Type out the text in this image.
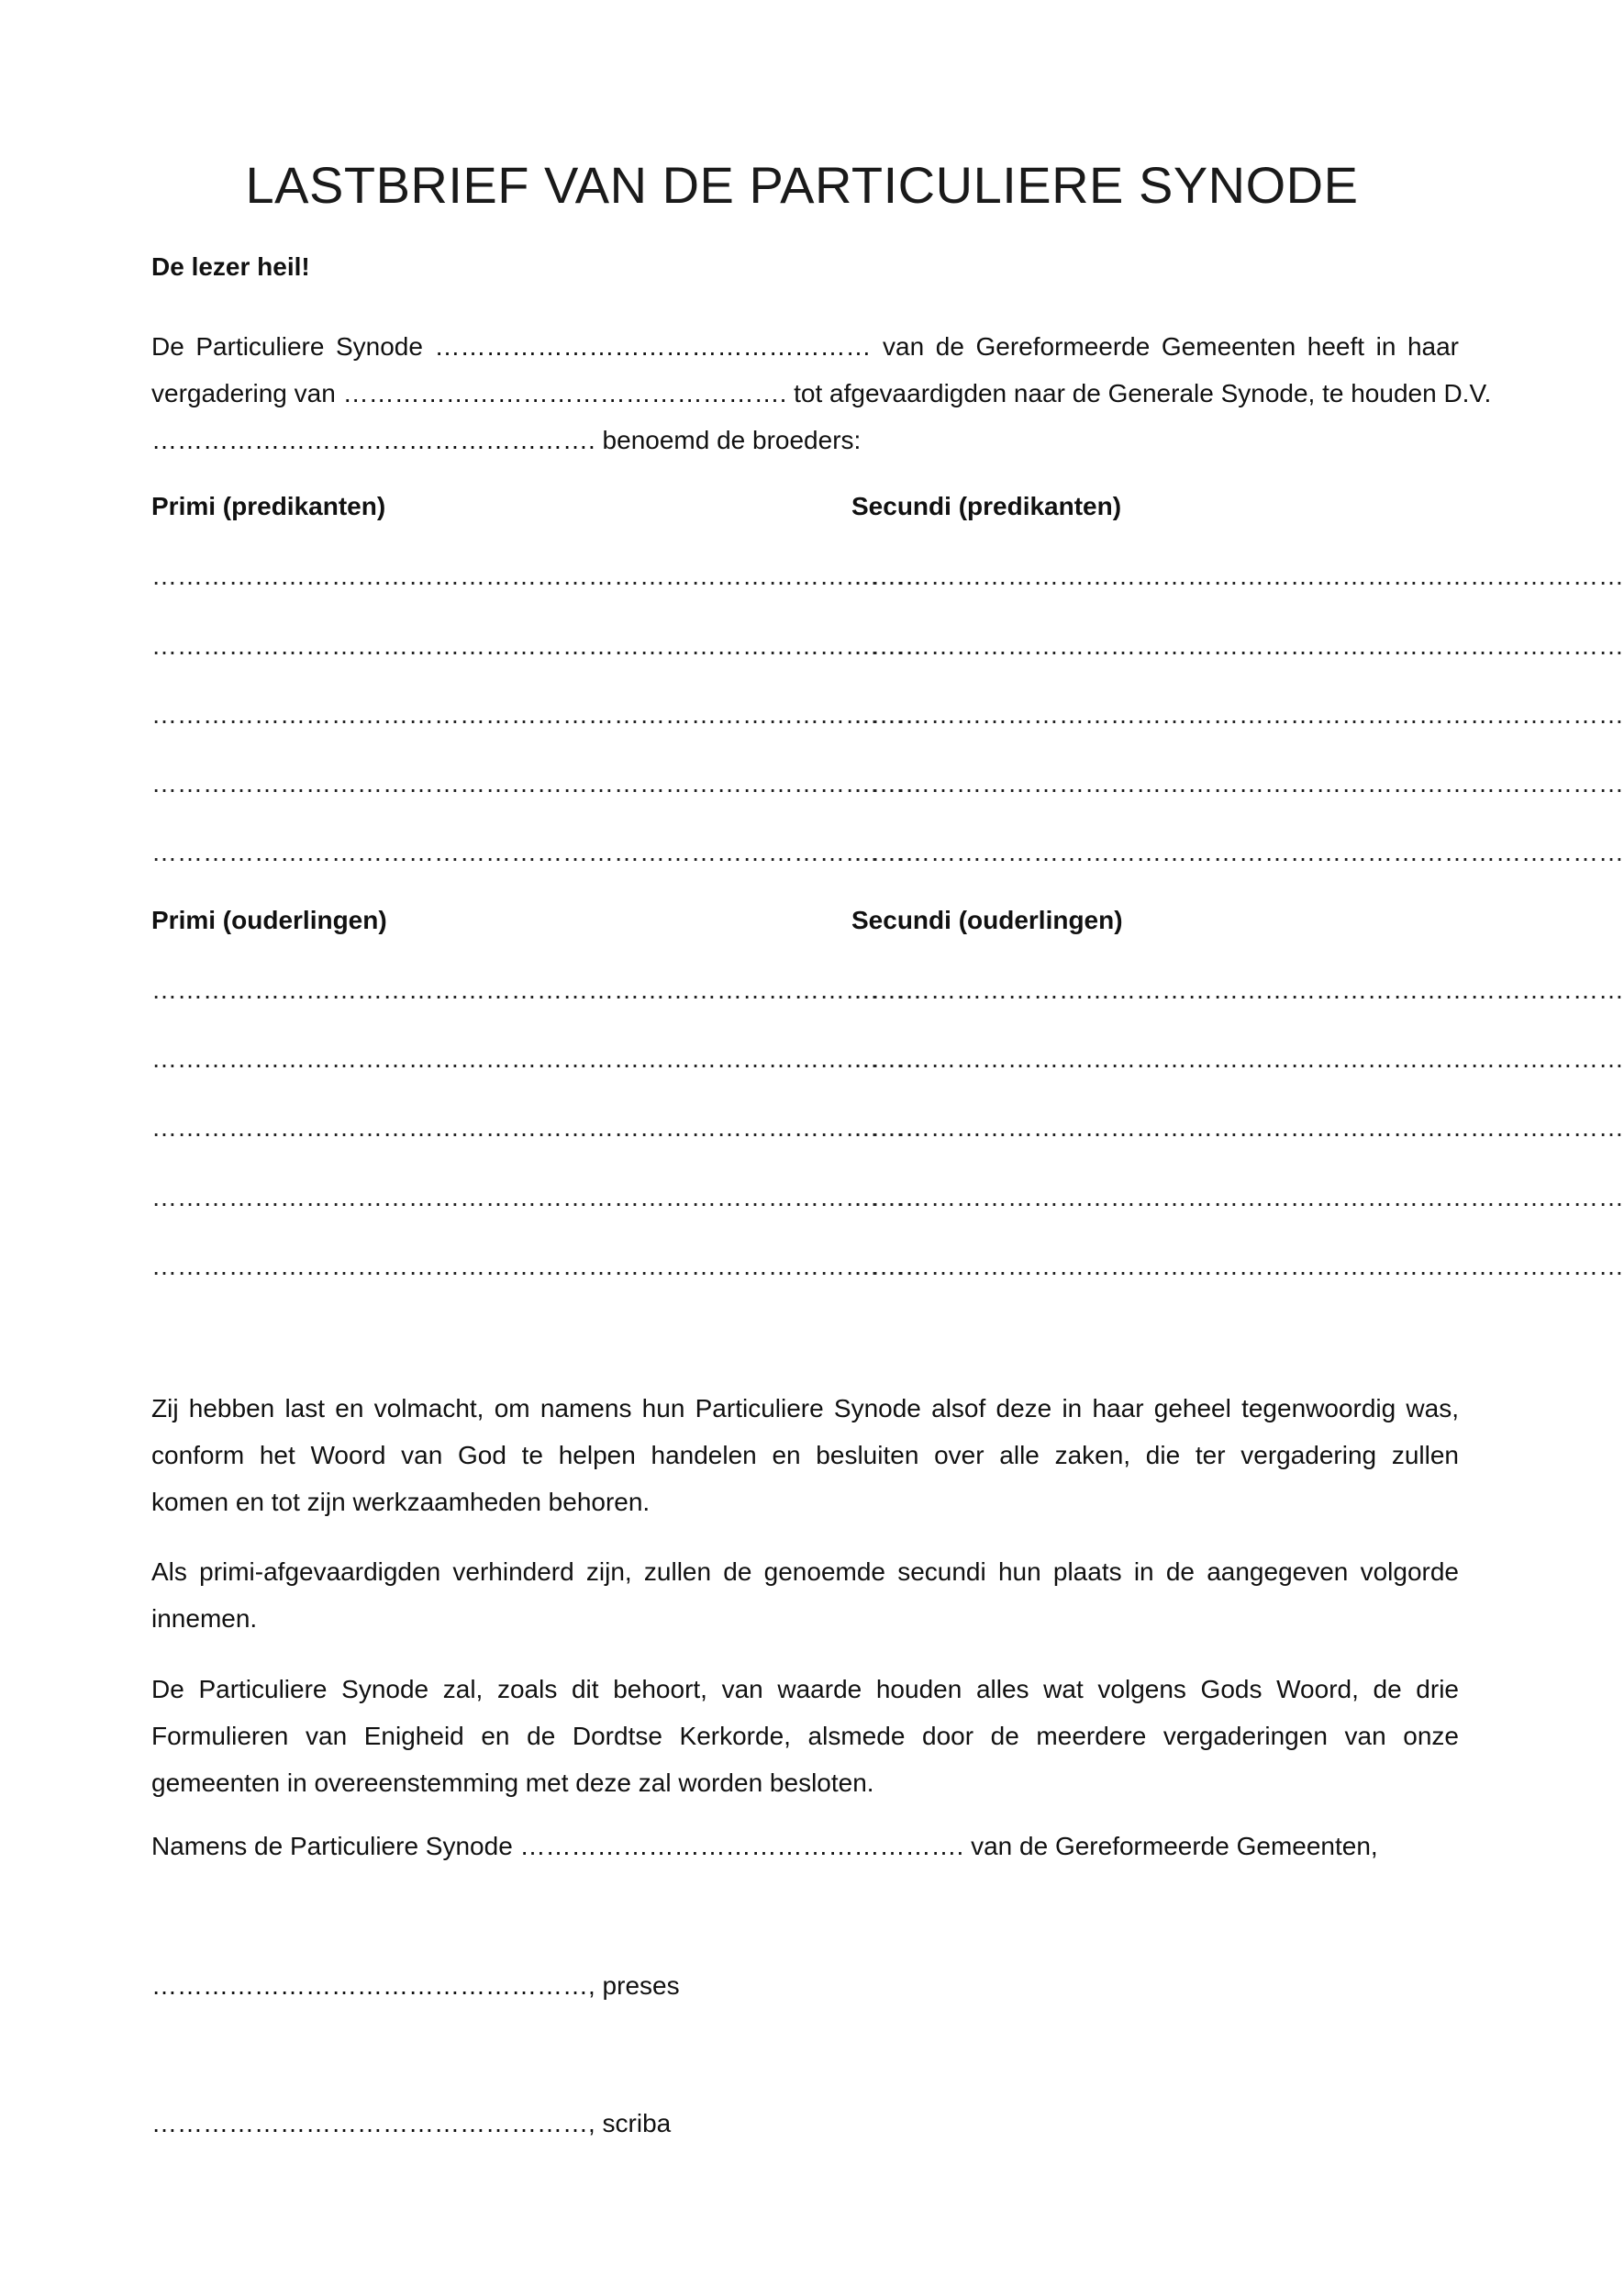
LASTBRIEF VAN DE PARTICULIERE SYNODE
De lezer heil!
De Particuliere Synode …………………………………………… van de Gereformeerde Gemeenten heeft in haar
vergadering van ……………………………………………. tot afgevaardigden naar de Generale Synode, te houden D.V.
……………………………………………. benoemd de broeders:
Primi (predikanten)	Secundi (predikanten)
………………………………………………………………………………
………………………………………………………………………………
………………………………………………………………………………
………………………………………………………………………………
………………………………………………………………………………
………………………………………………………………………………
………………………………………………………………………………
………………………………………………………………………………
………………………………………………………………………………
………………………………………………………………………………
Primi (ouderlingen)	Secundi (ouderlingen)
………………………………………………………………………………
………………………………………………………………………………
………………………………………………………………………………
………………………………………………………………………………
………………………………………………………………………………
………………………………………………………………………………
………………………………………………………………………………
………………………………………………………………………………
………………………………………………………………………………
………………………………………………………………………………
Zij hebben last en volmacht, om namens hun Particuliere Synode alsof deze in haar geheel tegenwoordig was,
conform het Woord van God te helpen handelen en besluiten over alle zaken, die ter vergadering zullen
komen en tot zijn werkzaamheden behoren.
Als primi-afgevaardigden verhinderd zijn, zullen de genoemde secundi hun plaats in de aangegeven volgorde
innemen.
De Particuliere Synode zal, zoals dit behoort, van waarde houden alles wat volgens Gods Woord, de drie
Formulieren van Enigheid en de Dordtse Kerkorde, alsmede door de meerdere vergaderingen van onze
gemeenten in overeenstemming met deze zal worden besloten.
Namens de Particuliere Synode ……………………………………………. van de Gereformeerde Gemeenten,
……………………………………………, preses
……………………………………………, scriba
